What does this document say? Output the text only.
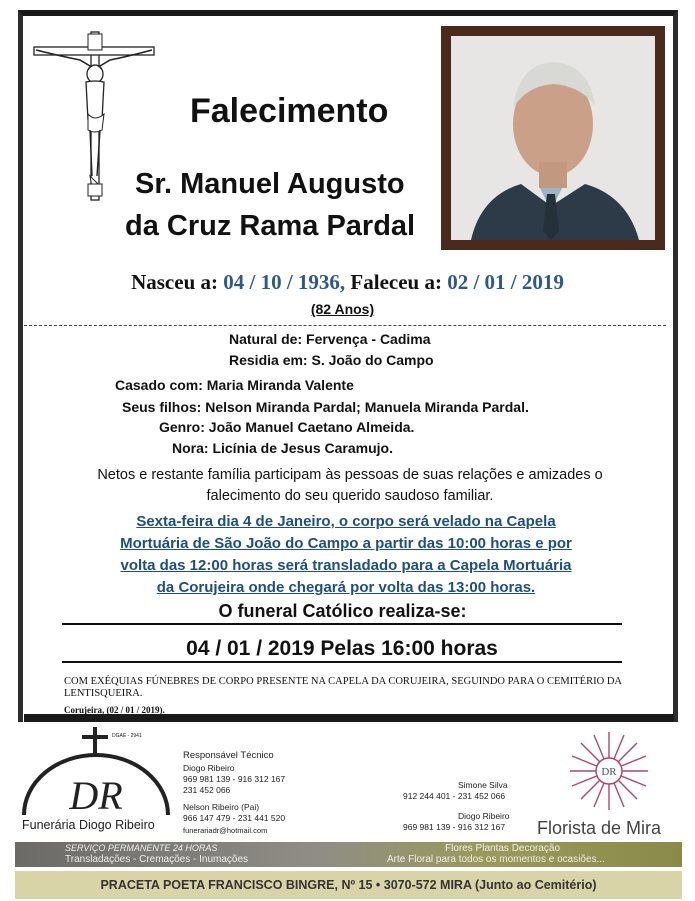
Falecimento
Sr. Manuel Augusto
da Cruz Rama Pardal
Nasceu a: 04 / 10 / 1936, Faleceu a: 02 / 01 / 2019
(82 Anos)
Natural de: Fervença - Cadima
Residia em: S. João do Campo
Casado com: Maria Miranda Valente
Seus filhos: Nelson Miranda Pardal; Manuela Miranda Pardal.
Genro: João Manuel Caetano Almeida.
Nora: Licínia de Jesus Caramujo.
Netos e restante família participam às pessoas de suas relações e amizades o
falecimento do seu querido saudoso familiar.
Sexta-feira dia 4 de Janeiro, o corpo será velado na Capela
Mortuária de São João do Campo a partir das 10:00 horas e por
volta das 12:00 horas será transladado para a Capela Mortuária
da Corujeira onde chegará por volta das 13:00 horas.
O funeral Católico realiza-se:
04 / 01 / 2019 Pelas 16:00 horas
COM EXÉQUIAS FÚNEBRES DE CORPO PRESENTE NA CAPELA DA CORUJEIRA, SEGUINDO PARA O CEMITÉRIO DA LENTISQUEIRA.
Corujeira, (02 / 01 / 2019).
DR
DGAE - 2941
Funerária Diogo Ribeiro
Responsável Técnico
Diogo Ribeiro
969 981 139 - 916 312 167
231 452 066
Nelson Ribeiro (Pai)
966 147 479 - 231 441 520
funerariadr@hotmail.com
Simone Silva
912 244 401 - 231 452 066
Diogo Ribeiro
969 981 139 - 916 312 167
DR
Florista de Mira
SERVIÇO PERMANENTE 24 HORAS
Transladações - Cremações - Inumações
Flores Plantas Decoração
Arte Floral para todos os momentos e ocasiões...
PRACETA POETA FRANCISCO BINGRE, Nº 15 • 3070-572 MIRA (Junto ao Cemitério)
